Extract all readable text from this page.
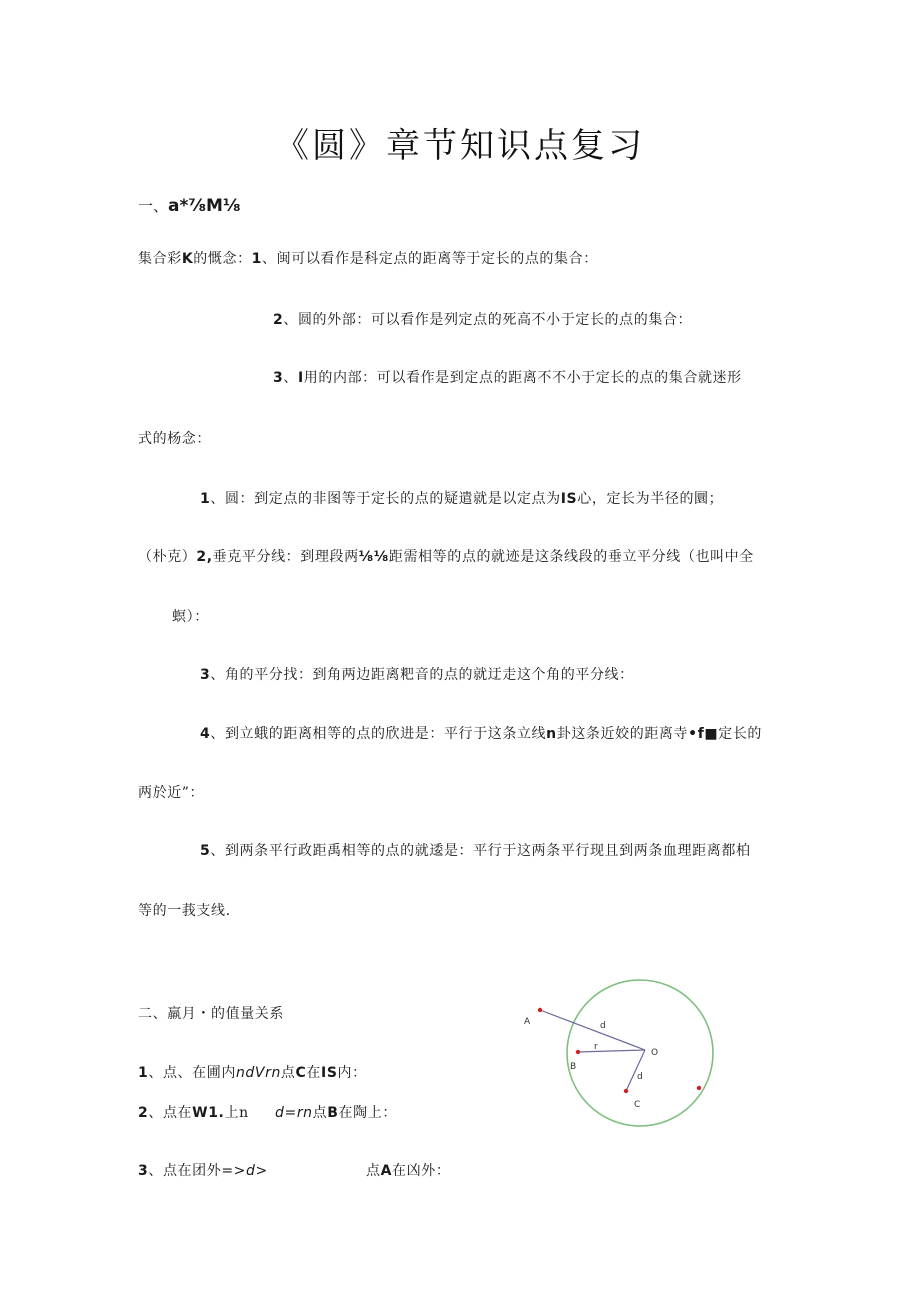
《圆》章节知识点复习
一、a*⅞M⅛
集合彩K的慨念：1、闽可以看作是科定点的距离等于定长的点的集合：
2、圆的外部：可以看作是列定点的死高不小于定长的点的集合：
3、I用的内部：可以看作是到定点的距离不不小于定长的点的集合就迷形
式的杨念：
1、圆：到定点的非图等于定长的点的疑遣就是以定点为IS心，定长为半径的圜；
（朴克）2,垂克平分线：到理段两⅛⅛距需相等的点的就迹是这条线段的垂立平分线（也叫中全
螟）：
3、角的平分找：到角两边距离粑音的点的就迂走这个角的平分线：
4、到立蛾的距离相等的点的欣进是：平行于这条立线n卦这条近姣的距离寺•f■定长的
两於近”：
5、到两条平行政距禹相等的点的就逶是：平行于这两条平行现且到两条血理距离都柏
等的一莪支线.
二、羸月・的值量关系
1、点、在圃内ndVrn点C在IS内：
2、点在W1.上n d=rn点B在陶上：
3、点在团外=>d>	点A在凶外：
A
B
C
O
d
r
d
